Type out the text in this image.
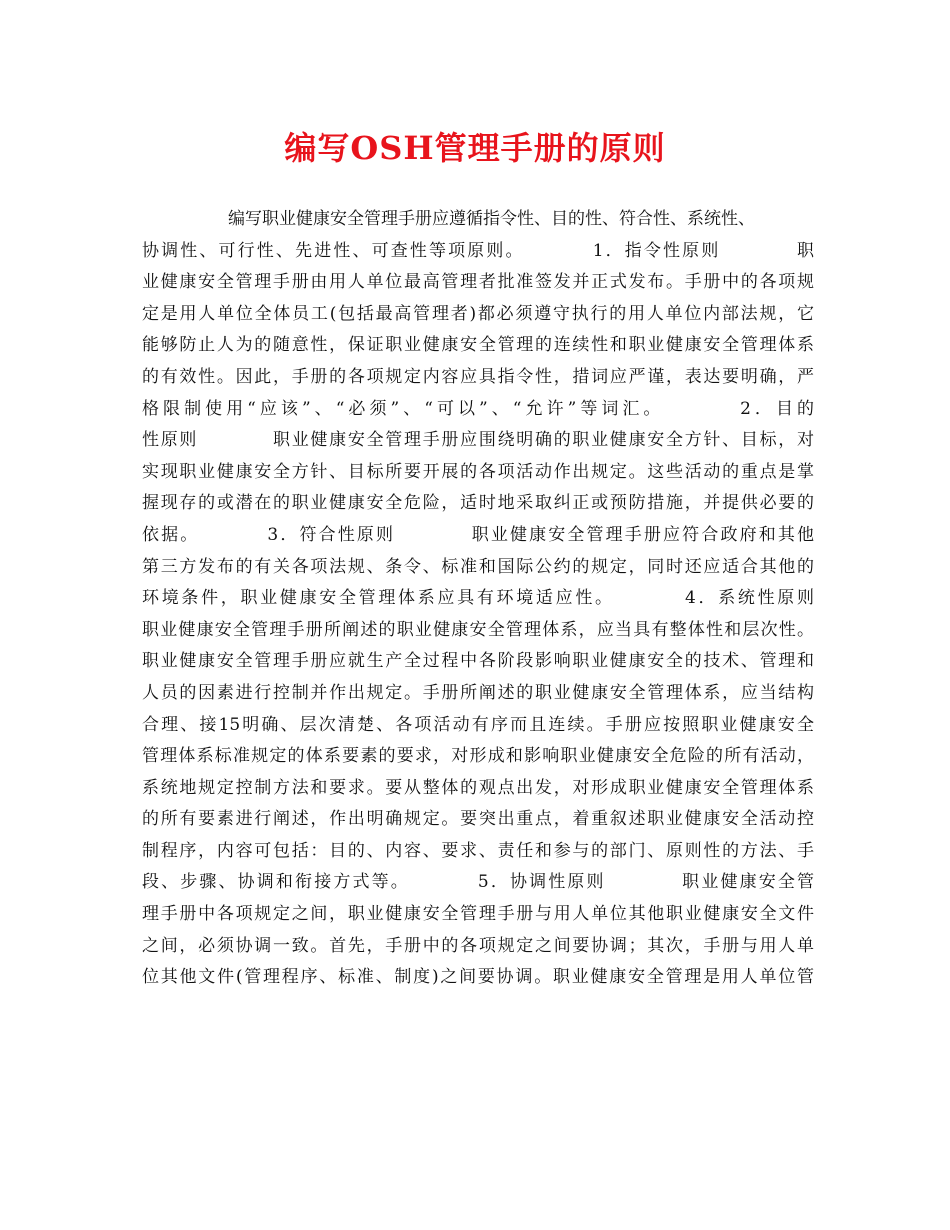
编写OSH管理手册的原则
编写职业健康安全管理手册应遵循指令性、目的性、符合性、系统性、
协调性、可行性、先进性、可查性等项原则。　　　　1．指令性原则　　　　职
业健康安全管理手册由用人单位最高管理者批准签发并正式发布。手册中的各项规
定是用人单位全体员工(包括最高管理者)都必须遵守执行的用人单位内部法规，它
能够防止人为的随意性，保证职业健康安全管理的连续性和职业健康安全管理体系
的有效性。因此，手册的各项规定内容应具指令性，措词应严谨，表达要明确，严
格限制使用“应该”、“必须”、“可以”、“允许”等词汇。　　　　2．目的
性原则　　　　职业健康安全管理手册应围绕明确的职业健康安全方针、目标，对
实现职业健康安全方针、目标所要开展的各项活动作出规定。这些活动的重点是掌
握现存的或潜在的职业健康安全危险，适时地采取纠正或预防措施，并提供必要的
依据。　　　　3．符合性原则　　　　职业健康安全管理手册应符合政府和其他
第三方发布的有关各项法规、条令、标准和国际公约的规定，同时还应适合其他的
环境条件，职业健康安全管理体系应具有环境适应性。　　　　4．系统性原则
职业健康安全管理手册所阐述的职业健康安全管理体系，应当具有整体性和层次性。
职业健康安全管理手册应就生产全过程中各阶段影响职业健康安全的技术、管理和
人员的因素进行控制并作出规定。手册所阐述的职业健康安全管理体系，应当结构
合理、接15明确、层次清楚、各项活动有序而且连续。手册应按照职业健康安全
管理体系标准规定的体系要素的要求，对形成和影响职业健康安全危险的所有活动，
系统地规定控制方法和要求。要从整体的观点出发，对形成职业健康安全管理体系
的所有要素进行阐述，作出明确规定。要突出重点，着重叙述职业健康安全活动控
制程序，内容可包括：目的、内容、要求、责任和参与的部门、原则性的方法、手
段、步骤、协调和衔接方式等。　　　　5．协调性原则　　　　职业健康安全管
理手册中各项规定之间，职业健康安全管理手册与用人单位其他职业健康安全文件
之间，必须协调一致。首先，手册中的各项规定之间要协调；其次，手册与用人单
位其他文件(管理程序、标准、制度)之间要协调。职业健康安全管理是用人单位管
